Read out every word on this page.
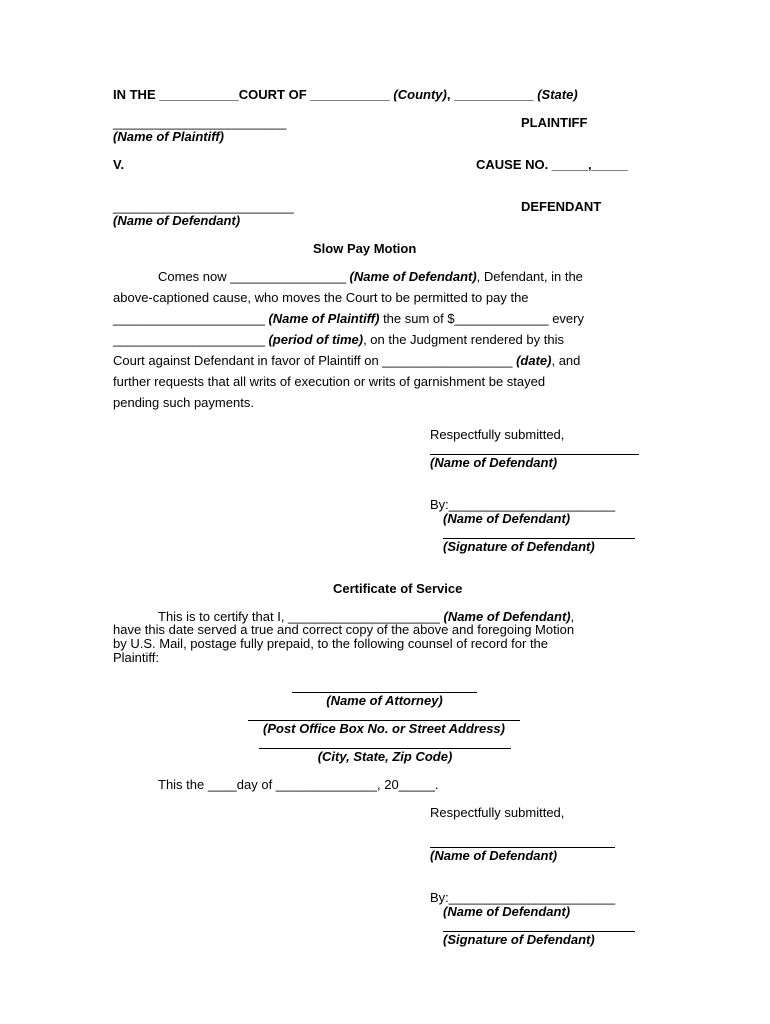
IN THE ___________COURT OF ___________ (County), ___________ (State)
________________________	PLAINTIFF
(Name of Plaintiff)
V.	CAUSE NO. _____,_____
_________________________	DEFENDANT
(Name of Defendant)
Slow Pay Motion
Comes now ________________ (Name of Defendant), Defendant, in the
above-captioned cause, who moves the Court to be permitted to pay the
_____________________ (Name of Plaintiff) the sum of $_____________ every
_____________________ (period of time), on the Judgment rendered by this
Court against Defendant in favor of Plaintiff on __________________ (date), and
further requests that all writs of execution or writs of garnishment be stayed
pending such payments.
Respectfully submitted,
(Name of Defendant)
By:_______________________
(Name of Defendant)
(Signature of Defendant)
Certificate of Service
This is to certify that I, _____________________ (Name of Defendant),
have this date served a true and correct copy of the above and foregoing Motion
by U.S. Mail, postage fully prepaid, to the following counsel of record for the
Plaintiff:
(Name of Attorney)
(Post Office Box No. or Street Address)
(City, State, Zip Code)
This the ____day of ______________, 20_____.
Respectfully submitted,
(Name of Defendant)
By:_______________________
(Name of Defendant)
(Signature of Defendant)
